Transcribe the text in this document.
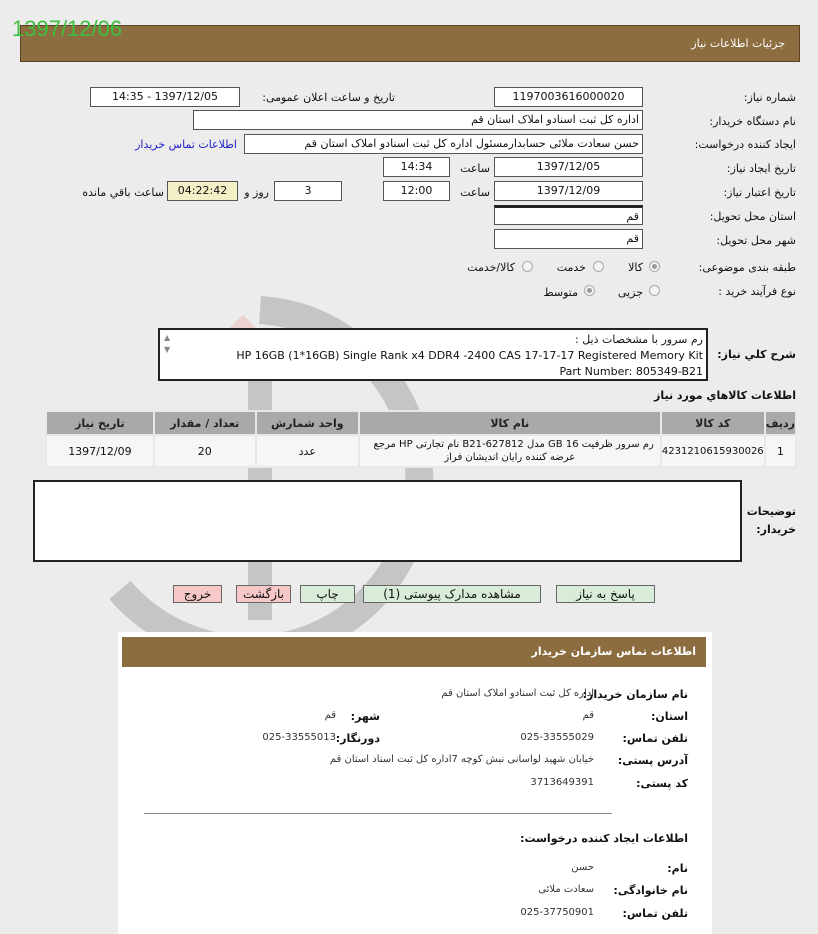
جزئیات اطلاعات نیاز
1397/12/06
شماره نیاز:
1197003616000020
تاریخ و ساعت اعلان عمومی:
1397/12/05 - 14:35
نام دستگاه خریدار:
اداره کل ثبت اسنادو املاک استان قم
ایجاد کننده درخواست:
حسن سعادت ملائی حسابدارمسئول اداره کل ثبت اسنادو املاک استان قم
اطلاعات تماس خریدار
تاریخ ایجاد نیاز:
1397/12/05
ساعت
14:34
تاریخ اعتبار نیاز:
1397/12/09
ساعت
12:00
3
روز و
04:22:42
ساعت باقي مانده
استان محل تحویل:
قم
شهر محل تحویل:
قم
طبقه بندی موضوعی:
کالا
خدمت
کالا/خدمت
نوع فرآیند خرید :
جزیی
متوسط
شرح کلي نياز:
رم سرور با مشخصات ذیل :
HP 16GB (1*16GB) Single Rank x4 DDR4 -2400 CAS 17-17-17 Registered Memory Kit
Part Number: 805349-B21
▲
▼
اطلاعات کالاهاي مورد نياز
ردیف	کد کالا	نام کالا	واحد شمارش	تعداد / مقدار	تاریخ نیاز
1	4231210615930026	رم سرور ظرفیت 16 GB مدل 627812-B21 نام تجارتی HP مرجع
عرضه کننده رایان اندیشان فراز	عدد	20	1397/12/09
توضیحات خریدار:
پاسخ به نیاز
مشاهده مدارک پیوستی (1)
چاپ
بازگشت
خروج
اطلاعات تماس سازمان خریدار
نام سازمان خریدار:
اداره کل ثبت اسنادو املاک استان قم
استان:
قم
شهر:
قم
تلفن تماس:
025-33555029
دورنگار:
025-33555013
آدرس پستی:
خیابان شهید لواسانی نبش کوچه 7اداره کل ثبت اسناد استان قم
کد پستی:
3713649391
اطلاعات ایجاد کننده درخواست:
نام:
حسن
نام خانوادگی:
سعادت ملائی
تلفن تماس:
025-37750901
